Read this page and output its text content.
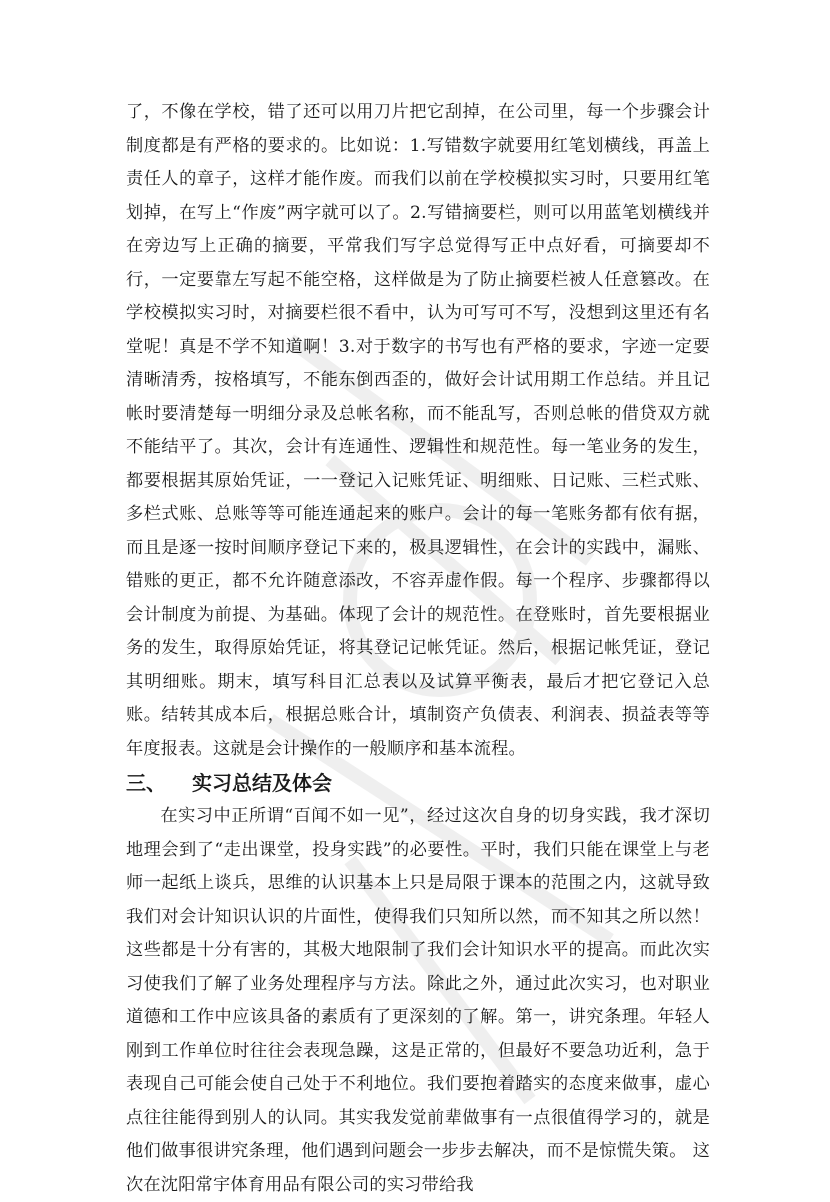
了，不像在学校，错了还可以用刀片把它刮掉，在公司里，每一个步骤会计制度都是有严格的要求的。比如说：1.写错数字就要用红笔划横线，再盖上责任人的章子，这样才能作废。而我们以前在学校模拟实习时，只要用红笔划掉，在写上“作废”两字就可以了。2.写错摘要栏，则可以用蓝笔划横线并在旁边写上正确的摘要，平常我们写字总觉得写正中点好看，可摘要却不行，一定要靠左写起不能空格，这样做是为了防止摘要栏被人任意篡改。在学校模拟实习时，对摘要栏很不看中，认为可写可不写，没想到这里还有名堂呢！真是不学不知道啊！3.对于数字的书写也有严格的要求，字迹一定要清晰清秀，按格填写，不能东倒西歪的，做好会计试用期工作总结。并且记帐时要清楚每一明细分录及总帐名称，而不能乱写，否则总帐的借贷双方就不能结平了。其次，会计有连通性、逻辑性和规范性。每一笔业务的发生，都要根据其原始凭证，一一登记入记账凭证、明细账、日记账、三栏式账、多栏式账、总账等等可能连通起来的账户。会计的每一笔账务都有依有据，而且是逐一按时间顺序登记下来的，极具逻辑性，在会计的实践中，漏账、错账的更正，都不允许随意添改，不容弄虚作假。每一个程序、步骤都得以会计制度为前提、为基础。体现了会计的规范性。在登账时，首先要根据业务的发生，取得原始凭证，将其登记记帐凭证。然后，根据记帐凭证，登记其明细账。期末，填写科目汇总表以及试算平衡表，最后才把它登记入总账。结转其成本后，根据总账合计，填制资产负债表、利润表、损益表等等年度报表。这就是会计操作的一般顺序和基本流程。

三、 实习总结及体会

在实习中正所谓“百闻不如一见”，经过这次自身的切身实践，我才深切地理会到了“走出课堂，投身实践”的必要性。平时，我们只能在课堂上与老师一起纸上谈兵，思维的认识基本上只是局限于课本的范围之内，这就导致我们对会计知识认识的片面性，使得我们只知所以然，而不知其之所以然！这些都是十分有害的，其极大地限制了我们会计知识水平的提高。而此次实习使我们了解了业务处理程序与方法。除此之外，通过此次实习，也对职业道德和工作中应该具备的素质有了更深刻的了解。第一，讲究条理。年轻人刚到工作单位时往往会表现急躁，这是正常的，但最好不要急功近利，急于表现自己可能会使自己处于不利地位。我们要抱着踏实的态度来做事，虚心点往往能得到别人的认同。其实我发觉前辈做事有一点很值得学习的，就是他们做事很讲究条理，他们遇到问题会一步步去解决，而不是惊慌失策。 这次在沈阳常宇体育用品有限公司的实习带给我
